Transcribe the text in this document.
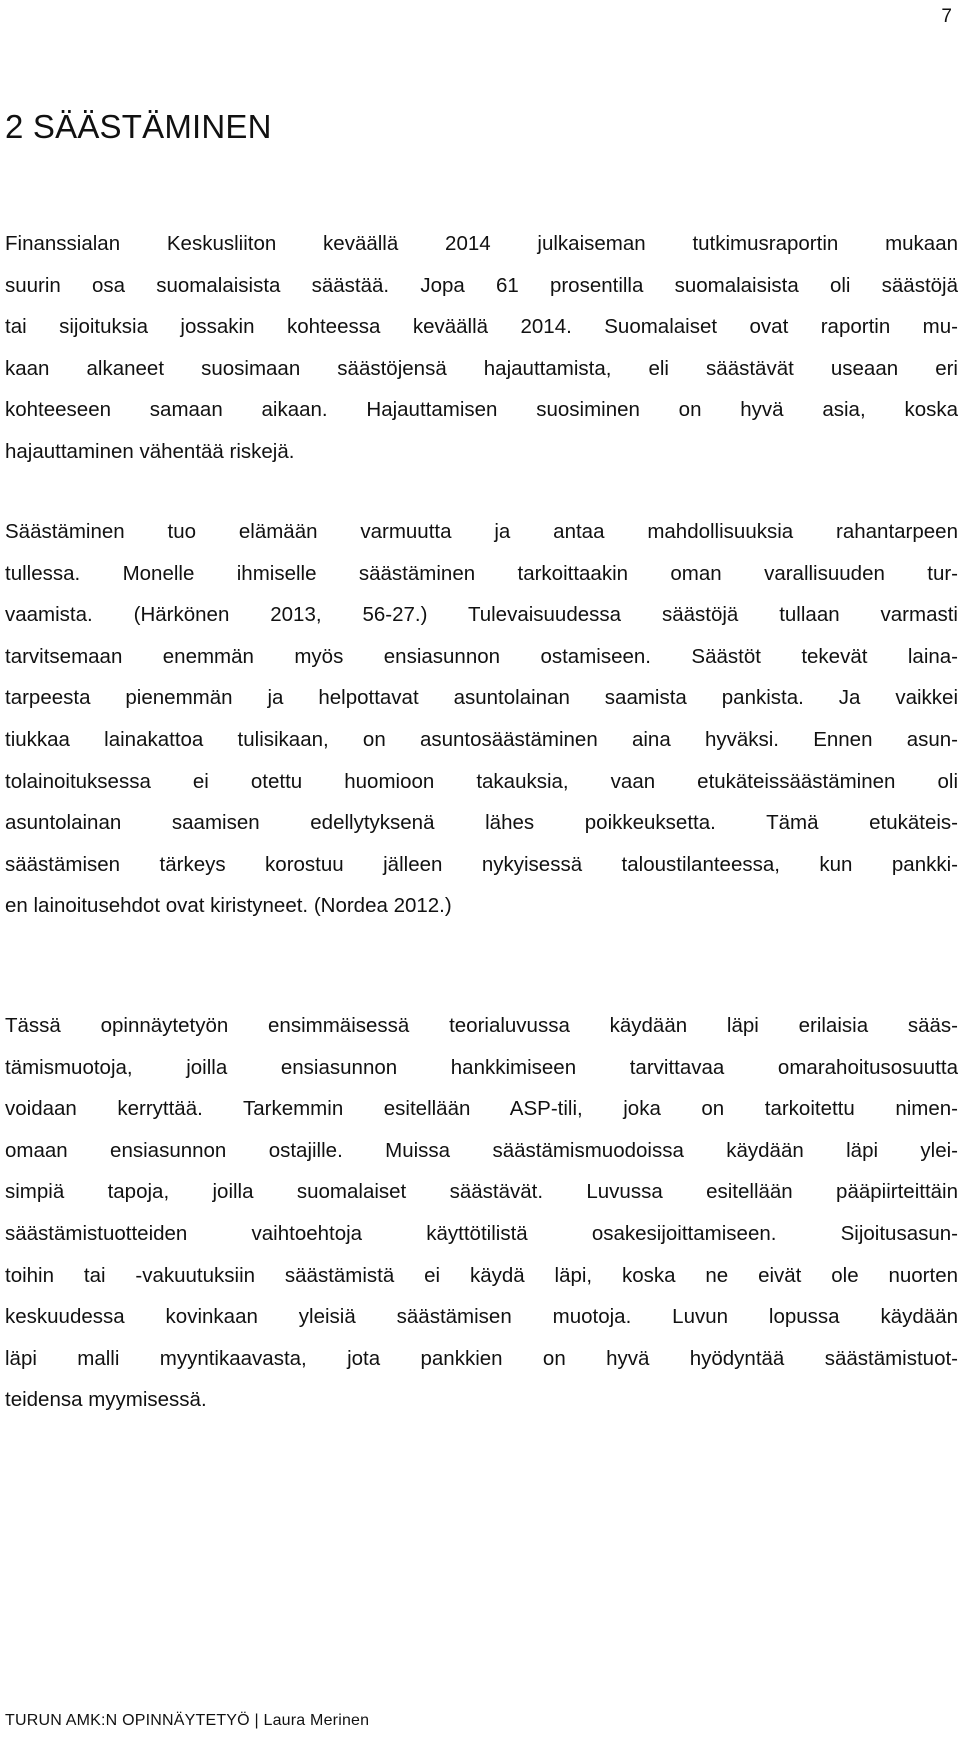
7
2 SÄÄSTÄMINEN
Finanssialan Keskusliiton keväällä 2014 julkaiseman tutkimusraportin mukaan
suurin osa suomalaisista säästää. Jopa 61 prosentilla suomalaisista oli säästöjä
tai sijoituksia jossakin kohteessa keväällä 2014. Suomalaiset ovat raportin mu-
kaan alkaneet suosimaan säästöjensä hajauttamista, eli säästävät useaan eri
kohteeseen samaan aikaan. Hajauttamisen suosiminen on hyvä asia, koska
hajauttaminen vähentää riskejä.
Säästäminen tuo elämään varmuutta ja antaa mahdollisuuksia rahantarpeen
tullessa. Monelle ihmiselle säästäminen tarkoittaakin oman varallisuuden tur-
vaamista. (Härkönen 2013, 56-27.) Tulevaisuudessa säästöjä tullaan varmasti
tarvitsemaan enemmän myös ensiasunnon ostamiseen. Säästöt tekevät laina-
tarpeesta pienemmän ja helpottavat asuntolainan saamista pankista. Ja vaikkei
tiukkaa lainakattoa tulisikaan, on asuntosäästäminen aina hyväksi. Ennen asun-
tolainoituksessa ei otettu huomioon takauksia, vaan etukäteissäästäminen oli
asuntolainan saamisen edellytyksenä lähes poikkeuksetta. Tämä etukäteis-
säästämisen tärkeys korostuu jälleen nykyisessä taloustilanteessa, kun pankki-
en lainoitusehdot ovat kiristyneet. (Nordea 2012.)
Tässä opinnäytetyön ensimmäisessä teorialuvussa käydään läpi erilaisia sääs-
tämismuotoja, joilla ensiasunnon hankkimiseen tarvittavaa omarahoitusosuutta
voidaan kerryttää. Tarkemmin esitellään ASP-tili, joka on tarkoitettu nimen-
omaan ensiasunnon ostajille. Muissa säästämismuodoissa käydään läpi ylei-
simpiä tapoja, joilla suomalaiset säästävät. Luvussa esitellään pääpiirteittäin
säästämistuotteiden vaihtoehtoja käyttötilistä osakesijoittamiseen. Sijoitusasun-
toihin tai -vakuutuksiin säästämistä ei käydä läpi, koska ne eivät ole nuorten
keskuudessa kovinkaan yleisiä säästämisen muotoja. Luvun lopussa käydään
läpi malli myyntikaavasta, jota pankkien on hyvä hyödyntää säästämistuot-
teidensa myymisessä.
TURUN AMK:N OPINNÄYTETYÖ | Laura Merinen
